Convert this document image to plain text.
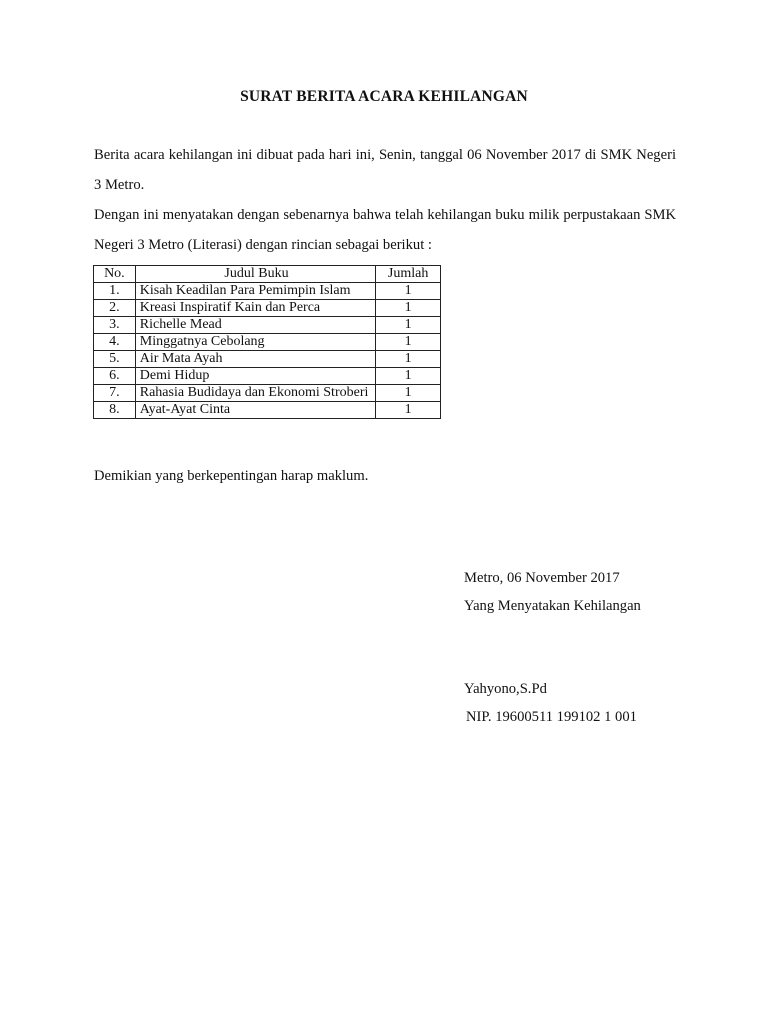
SURAT BERITA ACARA KEHILANGAN
Berita acara kehilangan ini dibuat pada hari ini, Senin, tanggal 06 November 2017 di SMK Negeri 3 Metro.
Dengan ini menyatakan dengan sebenarnya bahwa telah kehilangan buku milik perpustakaan SMK Negeri 3 Metro (Literasi) dengan rincian sebagai berikut :
No.	Judul Buku	Jumlah
1.	Kisah Keadilan Para Pemimpin Islam	1
2.	Kreasi Inspiratif Kain dan Perca	1
3.	Richelle Mead	1
4.	Minggatnya Cebolang	1
5.	Air Mata Ayah	1
6.	Demi Hidup	1
7.	Rahasia Budidaya dan Ekonomi Stroberi	1
8.	Ayat-Ayat Cinta	1
Demikian yang berkepentingan harap maklum.
Metro, 06 November 2017
Yang Menyatakan Kehilangan
Yahyono,S.Pd
NIP. 19600511 199102 1 001
